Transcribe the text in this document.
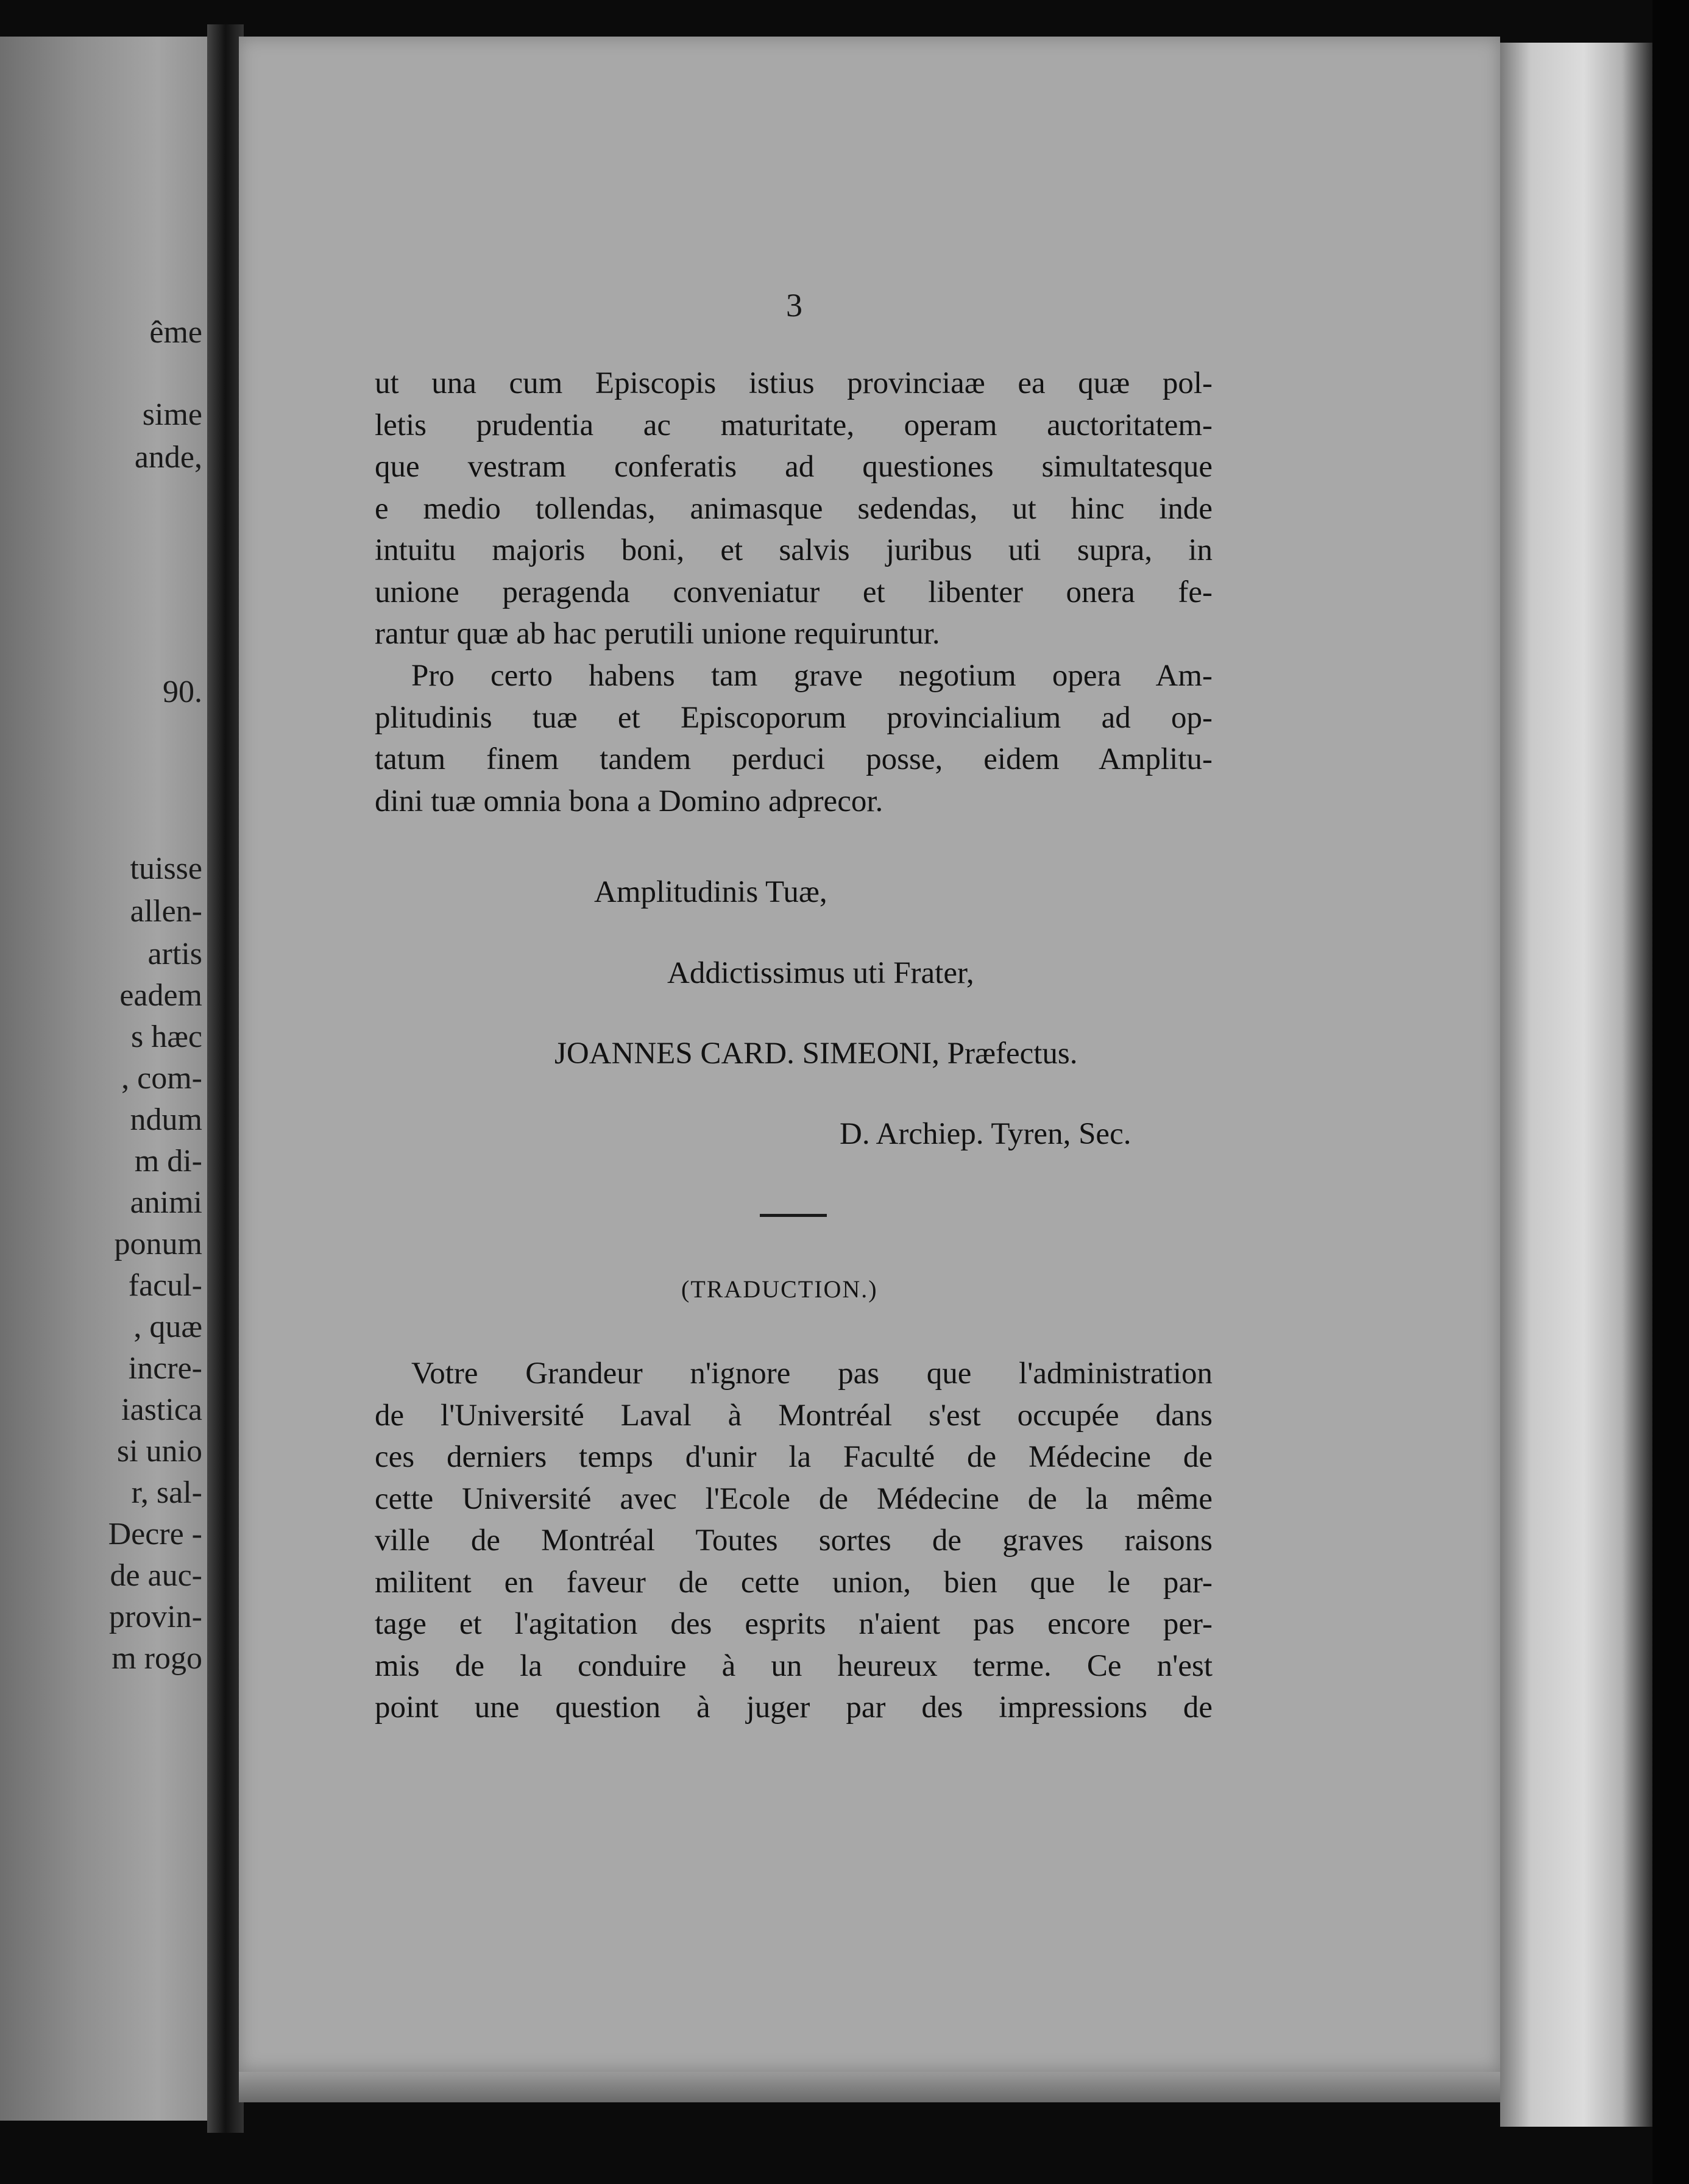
ême
sime
ande,
90.
tuisse
allen-
artis
eadem
s hæc
, com-
ndum
m di-
animi
ponum
facul-
, quæ
incre-
iastica
si unio
r, sal-
Decre -
de auc-
provin-
m rogo
3
ut una cum Episcopis istius provinciaæ ea quæ pol-
letis prudentia ac maturitate, operam auctoritatem-
que vestram conferatis ad questiones simultatesque
e medio tollendas, animasque sedendas, ut hinc inde
intuitu majoris boni, et salvis juribus uti supra, in
unione peragenda conveniatur et libenter onera fe-
rantur quæ ab hac perutili unione requiruntur.
Pro certo habens tam grave negotium opera Am-
plitudinis tuæ et Episcoporum provincialium ad op-
tatum finem tandem perduci posse, eidem Amplitu-
dini tuæ omnia bona a Domino adprecor.
Amplitudinis Tuæ,
Addictissimus uti Frater,
JOANNES CARD. SIMEONI, Præfectus.
D. Archiep. Tyren, Sec.
(TRADUCTION.)
Votre Grandeur n'ignore pas que l'administration
de l'Université Laval à Montréal s'est occupée dans
ces derniers temps d'unir la Faculté de Médecine de
cette Université avec l'Ecole de Médecine de la même
ville de Montréal Toutes sortes de graves raisons
militent en faveur de cette union, bien que le par-
tage et l'agitation des esprits n'aient pas encore per-
mis de la conduire à un heureux terme. Ce n'est
point une question à juger par des impressions de
